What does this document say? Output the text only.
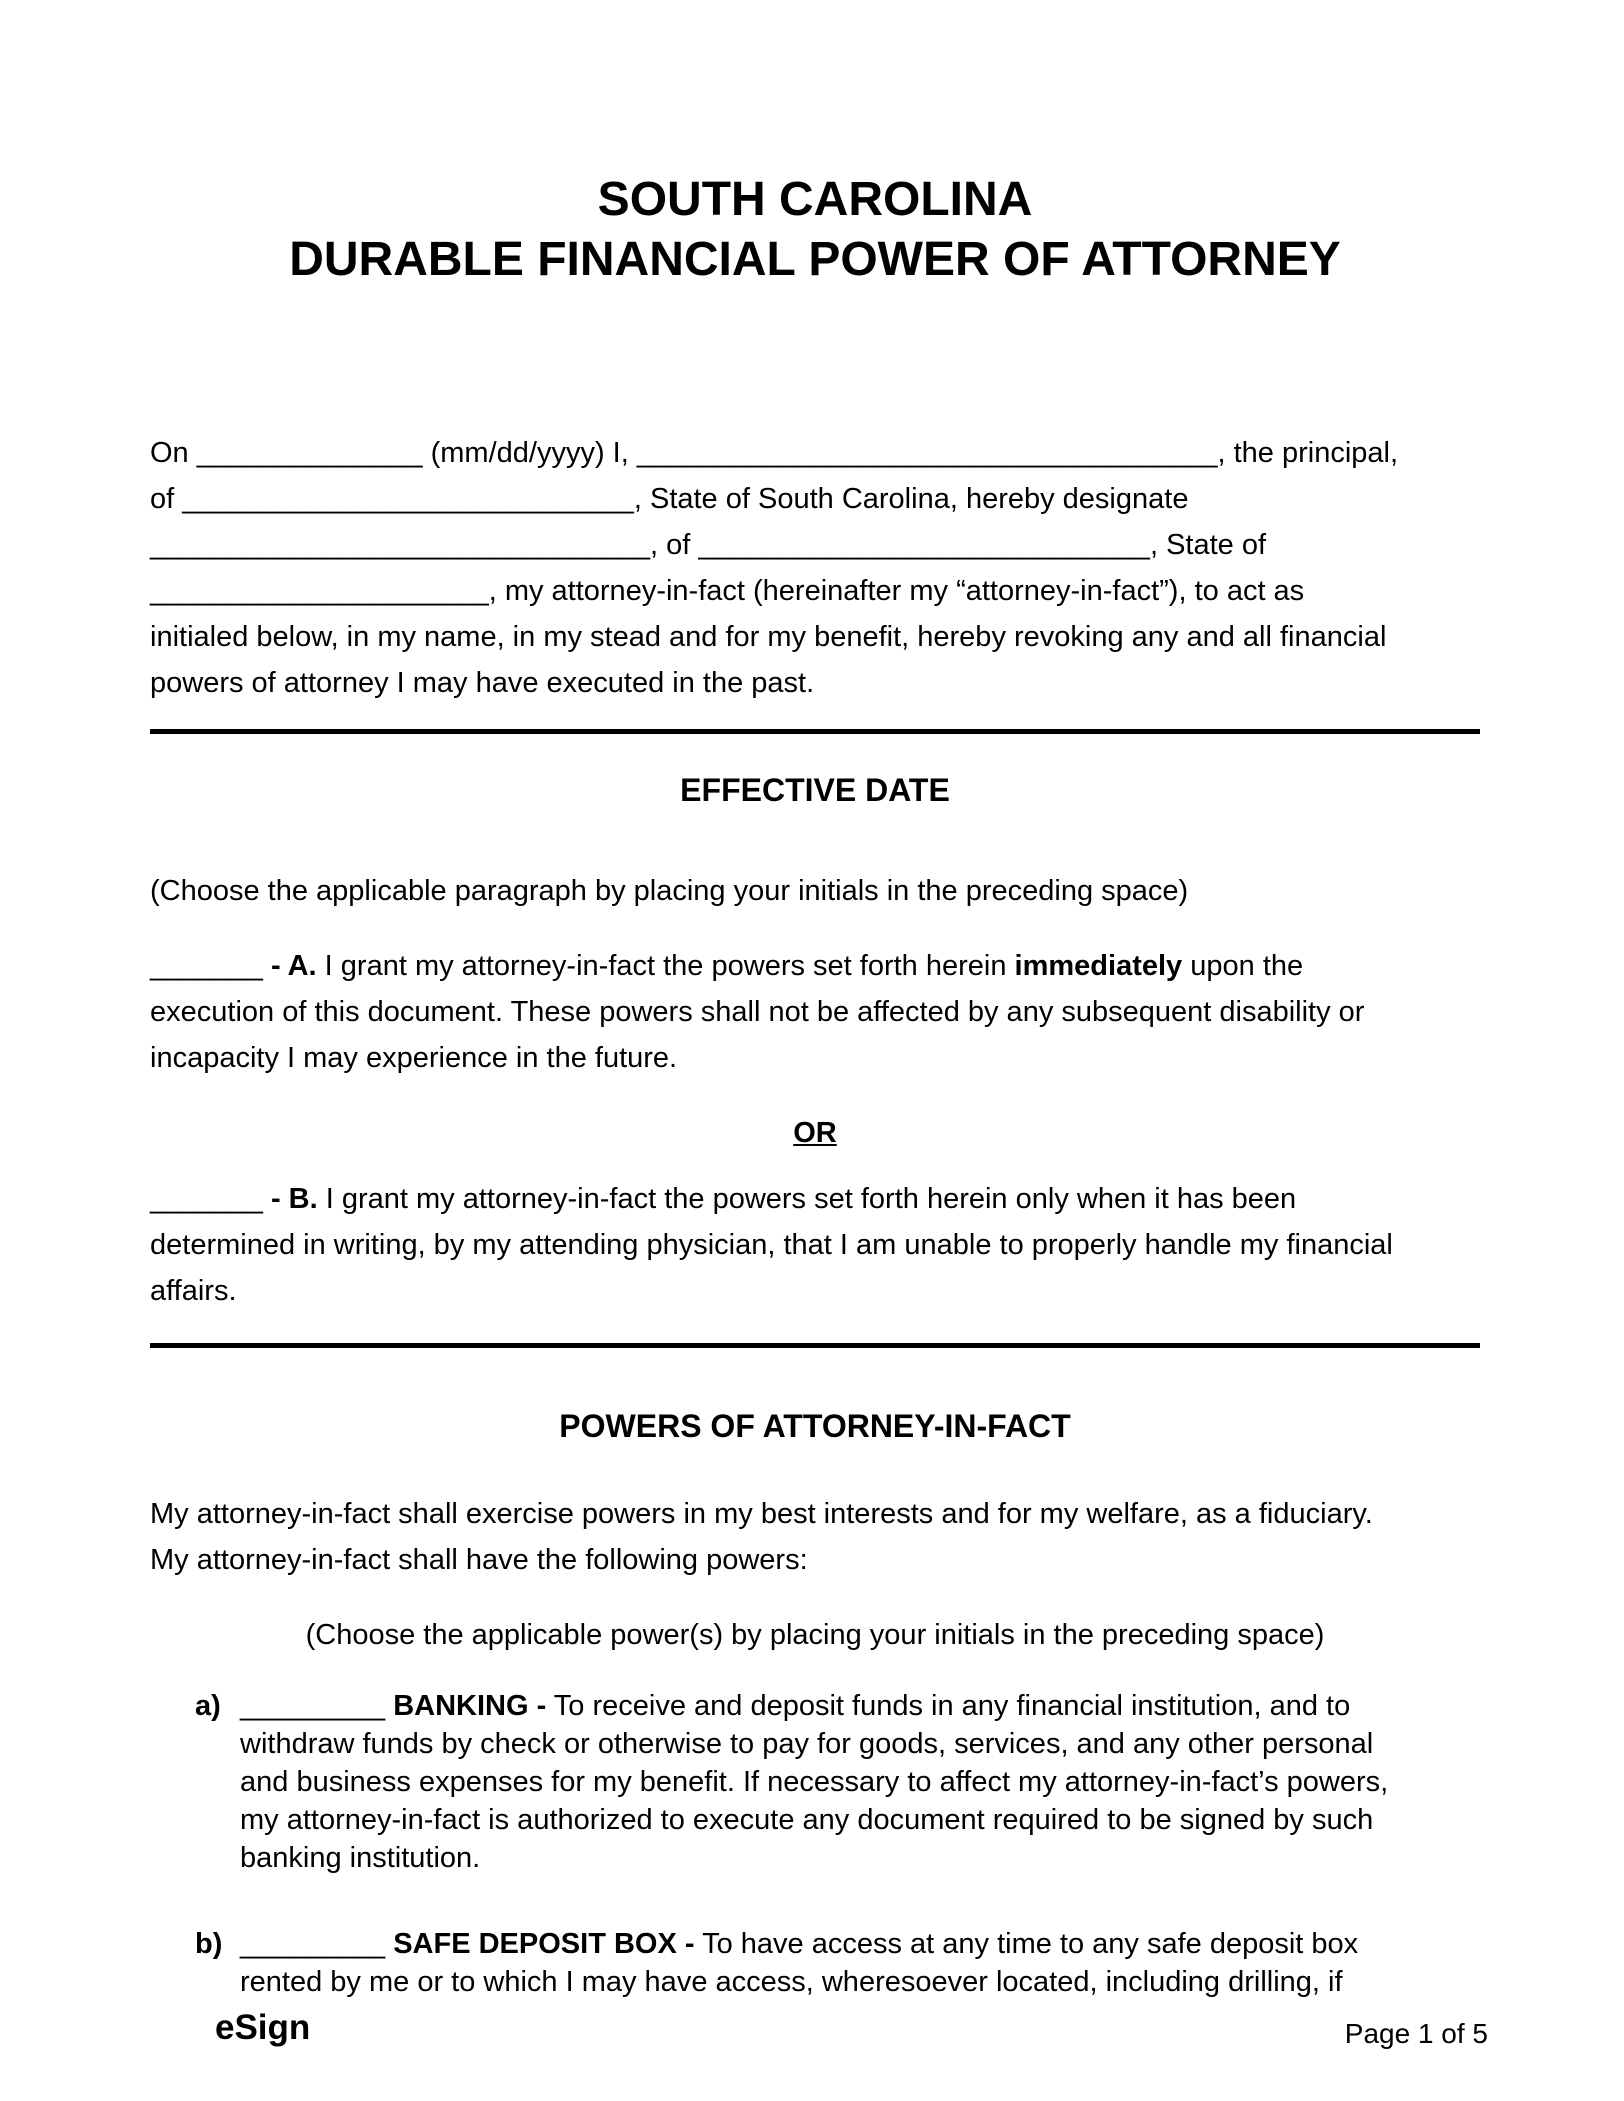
SOUTH CAROLINA
DURABLE FINANCIAL POWER OF ATTORNEY

On ______________ (mm/dd/yyyy) I, ____________________________________, the principal, of ____________________________, State of South Carolina, hereby designate _______________________________, of ____________________________, State of _____________________, my attorney-in-fact (hereinafter my “attorney-in-fact”), to act as initialed below, in my name, in my stead and for my benefit, hereby revoking any and all financial powers of attorney I may have executed in the past.

EFFECTIVE DATE

(Choose the applicable paragraph by placing your initials in the preceding space)

_______ - A. I grant my attorney-in-fact the powers set forth herein immediately upon the execution of this document. These powers shall not be affected by any subsequent disability or incapacity I may experience in the future.

OR

_______ - B. I grant my attorney-in-fact the powers set forth herein only when it has been determined in writing, by my attending physician, that I am unable to properly handle my financial affairs.

POWERS OF ATTORNEY-IN-FACT

My attorney-in-fact shall exercise powers in my best interests and for my welfare, as a fiduciary. My attorney-in-fact shall have the following powers:

(Choose the applicable power(s) by placing your initials in the preceding space)

a) _________ BANKING - To receive and deposit funds in any financial institution, and to withdraw funds by check or otherwise to pay for goods, services, and any other personal and business expenses for my benefit. If necessary to affect my attorney-in-fact’s powers, my attorney-in-fact is authorized to execute any document required to be signed by such banking institution.
b) _________ SAFE DEPOSIT BOX - To have access at any time to any safe deposit box rented by me or to which I may have access, wheresoever located, including drilling, if
eSign	Page 1 of 5
